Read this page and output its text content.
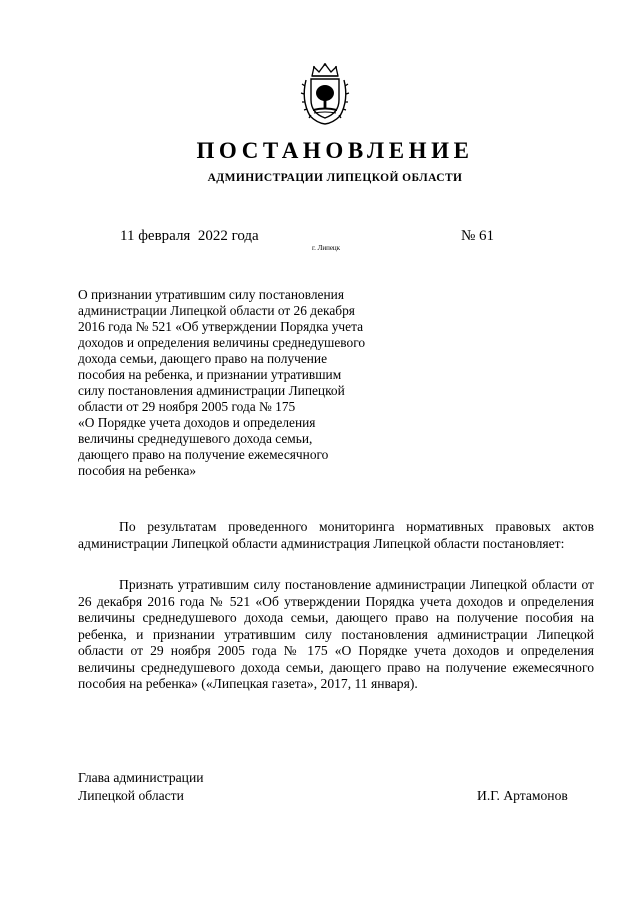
ПОСТАНОВЛЕНИЕ
АДМИНИСТРАЦИИ ЛИПЕЦКОЙ ОБЛАСТИ
11 февраля  2022 года
г. Липецк
№ 61
О признании утратившим силу постановления
администрации Липецкой области от 26 декабря
2016 года № 521 «Об утверждении Порядка учета
доходов и определения величины среднедушевого
дохода семьи, дающего право на получение
пособия на ребенка, и признании утратившим
силу постановления администрации Липецкой
области от 29 ноября 2005 года № 175
«О Порядке учета доходов и определения
величины среднедушевого дохода семьи,
дающего право на получение ежемесячного
пособия на ребенка»
По результатам проведенного мониторинга нормативных правовых актов администрации Липецкой области администрация Липецкой области постановляет:
Признать утратившим силу постановление администрации Липецкой области от 26 декабря 2016 года № 521 «Об утверждении Порядка учета доходов и определения величины среднедушевого дохода семьи, дающего право на получение пособия на ребенка, и признании утратившим силу постановления администрации Липецкой области от 29 ноября 2005 года № 175 «О Порядке учета доходов и определения величины среднедушевого дохода семьи, дающего право на получение ежемесячного пособия на ребенка» («Липецкая газета», 2017, 11 января).
Глава администрации
Липецкой области	И.Г. Артамонов
